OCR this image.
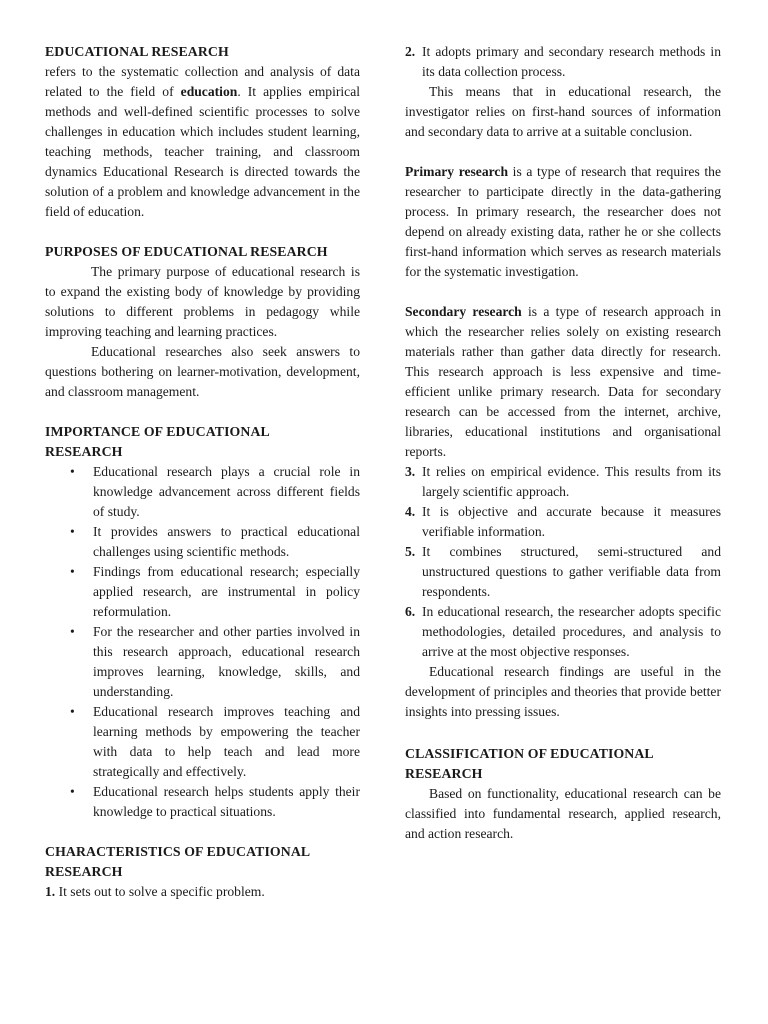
EDUCATIONAL RESEARCH

refers to the systematic collection and analysis of data related to the field of education. It applies empirical methods and well-defined scientific processes to solve challenges in education which includes student learning, teaching methods, teacher training, and classroom dynamics Educational Research is directed towards the solution of a problem and knowledge advancement in the field of education.

PURPOSES OF EDUCATIONAL RESEARCH

The primary purpose of educational research is to expand the existing body of knowledge by providing solutions to different problems in pedagogy while improving teaching and learning practices.

Educational researches also seek answers to questions bothering on learner-motivation, development, and classroom management.

IMPORTANCE OF EDUCATIONAL RESEARCH
• Educational research plays a crucial role in knowledge advancement across different fields of study.
• It provides answers to practical educational challenges using scientific methods.
• Findings from educational research; especially applied research, are instrumental in policy reformulation.
• For the researcher and other parties involved in this research approach, educational research improves learning, knowledge, skills, and understanding.
• Educational research improves teaching and learning methods by empowering the teacher with data to help teach and lead more strategically and effectively.
• Educational research helps students apply their knowledge to practical situations.
CHARACTERISTICS OF EDUCATIONAL RESEARCH
1. It sets out to solve a specific problem.
2. It adopts primary and secondary research methods in its data collection process.

This means that in educational research, the investigator relies on first-hand sources of information and secondary data to arrive at a suitable conclusion.

Primary research is a type of research that requires the researcher to participate directly in the data-gathering process. In primary research, the researcher does not depend on already existing data, rather he or she collects first-hand information which serves as research materials for the systematic investigation.

Secondary research is a type of research approach in which the researcher relies solely on existing research materials rather than gather data directly for research. This research approach is less expensive and time-efficient unlike primary research. Data for secondary research can be accessed from the internet, archive, libraries, educational institutions and organisational reports.

3. It relies on empirical evidence. This results from its largely scientific approach.
4. It is objective and accurate because it measures verifiable information.
5. It combines structured, semi-structured and unstructured questions to gather verifiable data from respondents.
6. In educational research, the researcher adopts specific methodologies, detailed procedures, and analysis to arrive at the most objective responses.

Educational research findings are useful in the development of principles and theories that provide better insights into pressing issues.

CLASSIFICATION OF EDUCATIONAL RESEARCH

Based on functionality, educational research can be classified into fundamental research, applied research, and action research.
